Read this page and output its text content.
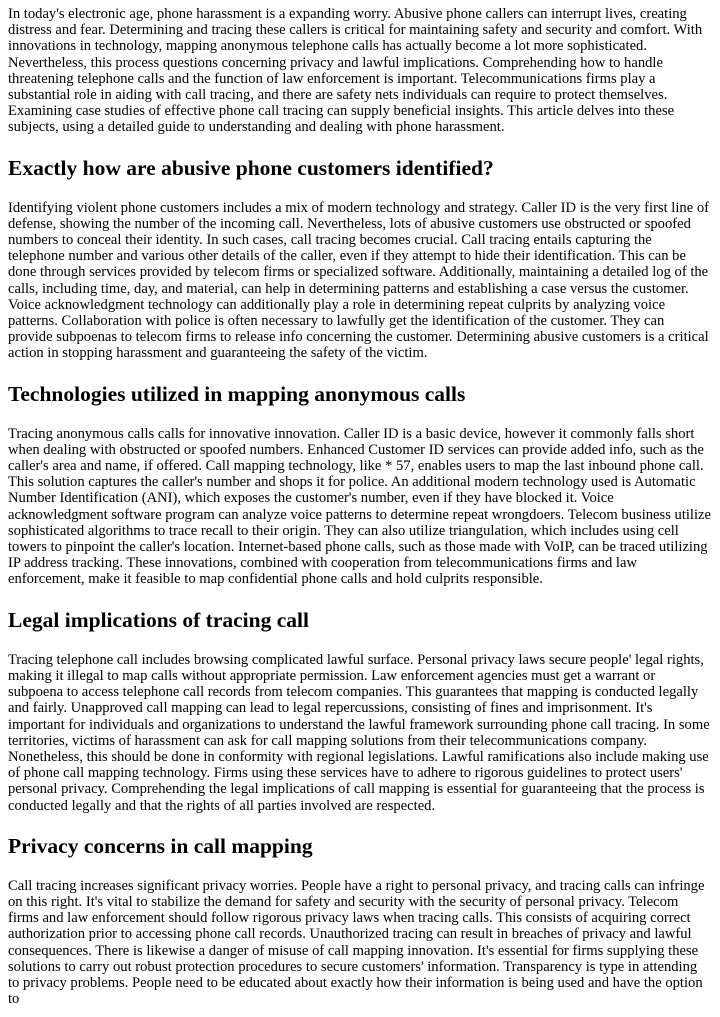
In today's electronic age, phone harassment is a expanding worry. Abusive phone callers can interrupt lives, creating distress and fear. Determining and tracing these callers is critical for maintaining safety and security and comfort. With innovations in technology, mapping anonymous telephone calls has actually become a lot more sophisticated. Nevertheless, this process questions concerning privacy and lawful implications. Comprehending how to handle threatening telephone calls and the function of law enforcement is important. Telecommunications firms play a substantial role in aiding with call tracing, and there are safety nets individuals can require to protect themselves. Examining case studies of effective phone call tracing can supply beneficial insights. This article delves into these subjects, using a detailed guide to understanding and dealing with phone harassment.

Exactly how are abusive phone customers identified?

Identifying violent phone customers includes a mix of modern technology and strategy. Caller ID is the very first line of defense, showing the number of the incoming call. Nevertheless, lots of abusive customers use obstructed or spoofed numbers to conceal their identity. In such cases, call tracing becomes crucial. Call tracing entails capturing the telephone number and various other details of the caller, even if they attempt to hide their identification. This can be done through services provided by telecom firms or specialized software. Additionally, maintaining a detailed log of the calls, including time, day, and material, can help in determining patterns and establishing a case versus the customer. Voice acknowledgment technology can additionally play a role in determining repeat culprits by analyzing voice patterns. Collaboration with police is often necessary to lawfully get the identification of the customer. They can provide subpoenas to telecom firms to release info concerning the customer. Determining abusive customers is a critical action in stopping harassment and guaranteeing the safety of the victim.

Technologies utilized in mapping anonymous calls

Tracing anonymous calls calls for innovative innovation. Caller ID is a basic device, however it commonly falls short when dealing with obstructed or spoofed numbers. Enhanced Customer ID services can provide added info, such as the caller's area and name, if offered. Call mapping technology, like * 57, enables users to map the last inbound phone call. This solution captures the caller's number and shops it for police. An additional modern technology used is Automatic Number Identification (ANI), which exposes the customer's number, even if they have blocked it. Voice acknowledgment software program can analyze voice patterns to determine repeat wrongdoers. Telecom business utilize sophisticated algorithms to trace recall to their origin. They can also utilize triangulation, which includes using cell towers to pinpoint the caller's location. Internet-based phone calls, such as those made with VoIP, can be traced utilizing IP address tracking. These innovations, combined with cooperation from telecommunications firms and law enforcement, make it feasible to map confidential phone calls and hold culprits responsible.

Legal implications of tracing call

Tracing telephone call includes browsing complicated lawful surface. Personal privacy laws secure people' legal rights, making it illegal to map calls without appropriate permission. Law enforcement agencies must get a warrant or subpoena to access telephone call records from telecom companies. This guarantees that mapping is conducted legally and fairly. Unapproved call mapping can lead to legal repercussions, consisting of fines and imprisonment. It's important for individuals and organizations to understand the lawful framework surrounding phone call tracing. In some territories, victims of harassment can ask for call mapping solutions from their telecommunications company. Nonetheless, this should be done in conformity with regional legislations. Lawful ramifications also include making use of phone call mapping technology. Firms using these services have to adhere to rigorous guidelines to protect users' personal privacy. Comprehending the legal implications of call mapping is essential for guaranteeing that the process is conducted legally and that the rights of all parties involved are respected.

Privacy concerns in call mapping

Call tracing increases significant privacy worries. People have a right to personal privacy, and tracing calls can infringe on this right. It's vital to stabilize the demand for safety and security with the security of personal privacy. Telecom firms and law enforcement should follow rigorous privacy laws when tracing calls. This consists of acquiring correct authorization prior to accessing phone call records. Unauthorized tracing can result in breaches of privacy and lawful consequences. There is likewise a danger of misuse of call mapping innovation. It's essential for firms supplying these solutions to carry out robust protection procedures to secure customers' information. Transparency is type in attending to privacy problems. People need to be educated about exactly how their information is being used and have the option to
